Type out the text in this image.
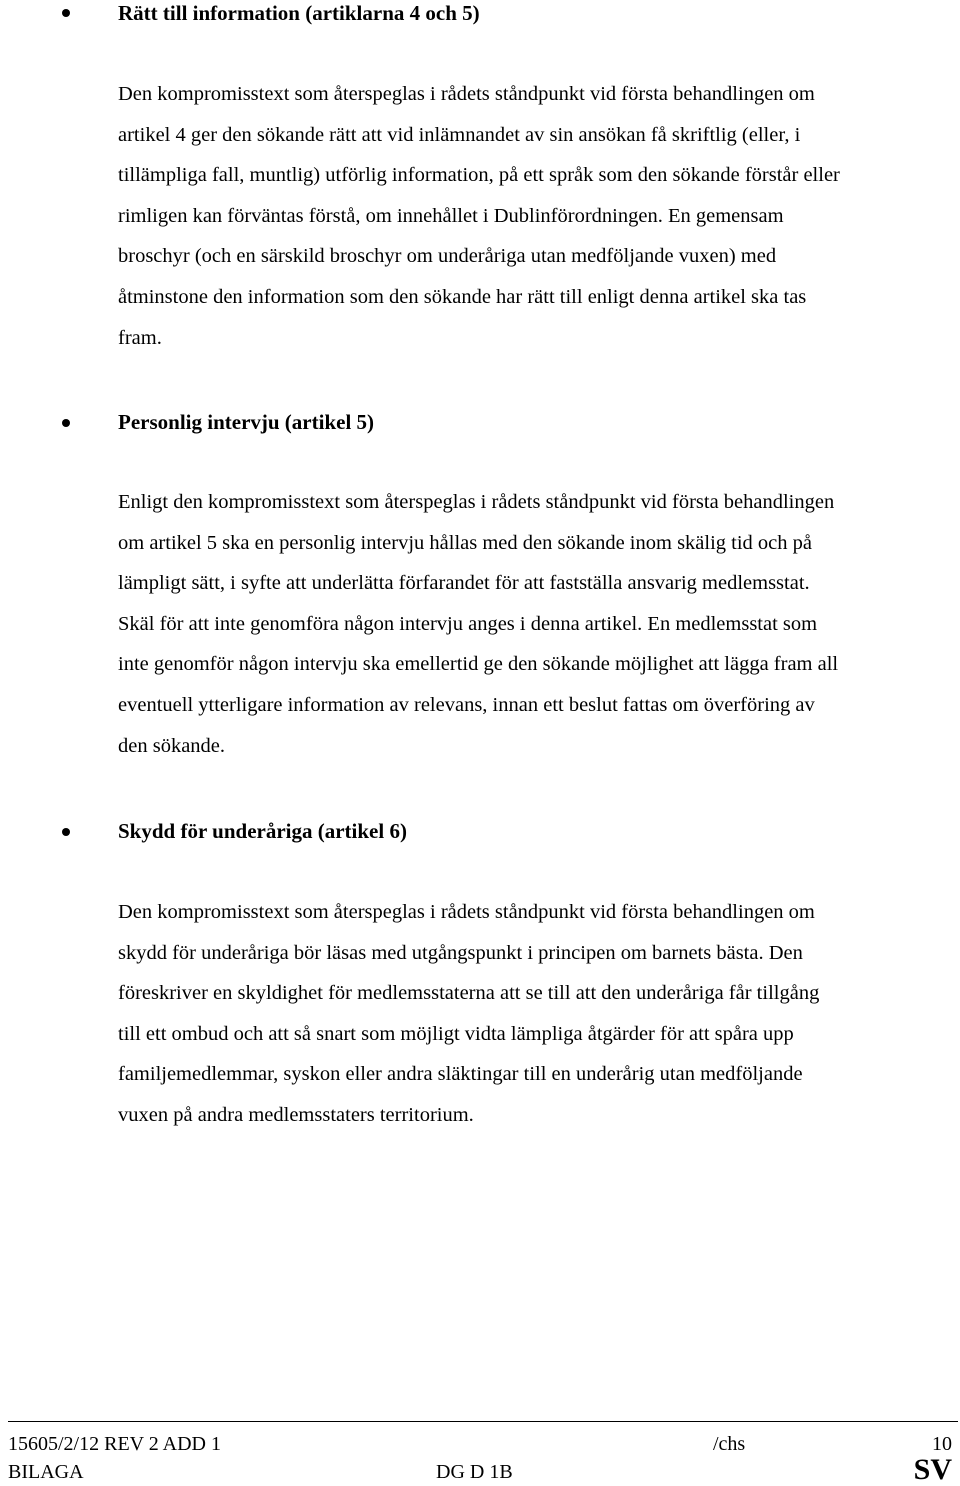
Rätt till information (artiklarna 4 och 5)
Den kompromisstext som återspeglas i rådets ståndpunkt vid första behandlingen om
artikel 4 ger den sökande rätt att vid inlämnandet av sin ansökan få skriftlig (eller, i
tillämpliga fall, muntlig) utförlig information, på ett språk som den sökande förstår eller
rimligen kan förväntas förstå, om innehållet i Dublinförordningen. En gemensam
broschyr (och en särskild broschyr om underåriga utan medföljande vuxen) med
åtminstone den information som den sökande har rätt till enligt denna artikel ska tas
fram.
Personlig intervju (artikel 5)
Enligt den kompromisstext som återspeglas i rådets ståndpunkt vid första behandlingen
om artikel 5 ska en personlig intervju hållas med den sökande inom skälig tid och på
lämpligt sätt, i syfte att underlätta förfarandet för att fastställa ansvarig medlemsstat.
Skäl för att inte genomföra någon intervju anges i denna artikel. En medlemsstat som
inte genomför någon intervju ska emellertid ge den sökande möjlighet att lägga fram all
eventuell ytterligare information av relevans, innan ett beslut fattas om överföring av
den sökande.
Skydd för underåriga (artikel 6)
Den kompromisstext som återspeglas i rådets ståndpunkt vid första behandlingen om
skydd för underåriga bör läsas med utgångspunkt i principen om barnets bästa. Den
föreskriver en skyldighet för medlemsstaterna att se till att den underåriga får tillgång
till ett ombud och att så snart som möjligt vidta lämpliga åtgärder för att spåra upp
familjemedlemmar, syskon eller andra släktingar till en underårig utan medföljande
vuxen på andra medlemsstaters territorium.
15605/2/12 REV 2 ADD 1	/chs	10
BILAGA	DG D 1B	SV
